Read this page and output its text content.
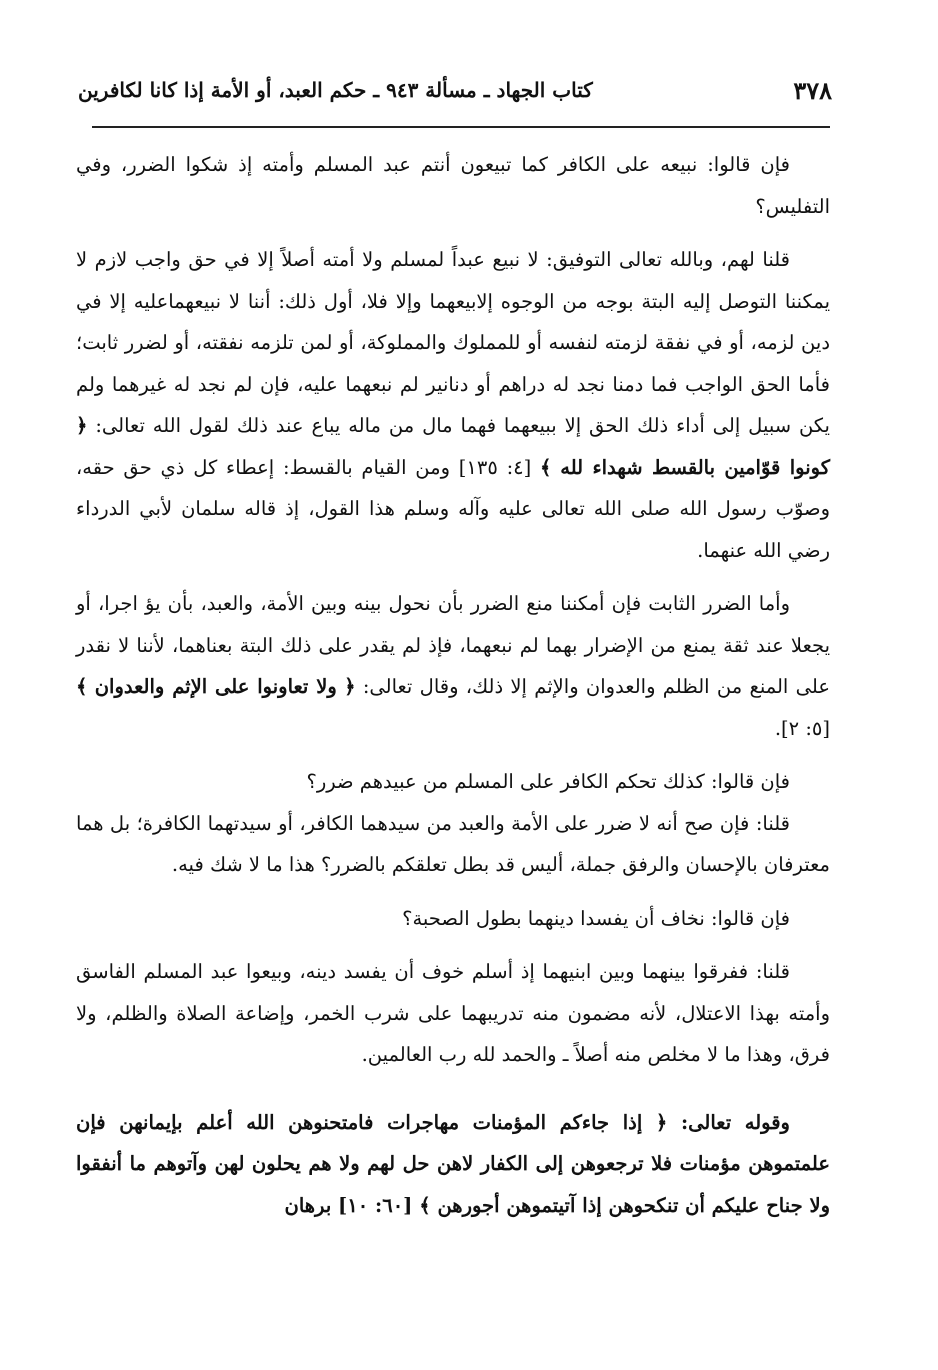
٣٧٨
كتاب الجهاد ـ مسألة ٩٤٣ ـ حكم العبد، أو الأمة إذا كانا لكافرين

فإن قالوا: نبيعه على الكافر كما تبيعون أنتم عبد المسلم وأمته إذ شكوا الضرر، وفي التفليس؟

قلنا لهم، وبالله تعالى التوفيق: لا نبيع عبداً لمسلم ولا أمته أصلاً إلا في حق واجب لازم لا يمكننا التوصل إليه البتة بوجه من الوجوه إلابيعهما وإلا فلا، أول ذلك: أننا لا نبيعهماعليه إلا في دين لزمه، أو في نفقة لزمته لنفسه أو للمملوك والمملوكة، أو لمن تلزمه نفقته، أو لضرر ثابت؛ فأما الحق الواجب فما دمنا نجد له دراهم أو دنانير لم نبعهما عليه، فإن لم نجد له غيرهما ولم يكن سبيل إلى أداء ذلك الحق إلا ببيعهما فهما مال من ماله يباع عند ذلك لقول الله تعالى: ﴿ كونوا قوّامين بالقسط شهداء لله ﴾ [٤: ١٣٥] ومن القيام بالقسط: إعطاء كل ذي حق حقه، وصوّب رسول الله صلى الله تعالى عليه وآله وسلم هذا القول، إذ قاله سلمان لأبي الدرداء رضي الله عنهما.

وأما الضرر الثابت فإن أمكننا منع الضرر بأن نحول بينه وبين الأمة، والعبد، بأن يؤ اجرا، أو يجعلا عند ثقة يمنع من الإضرار بهما لم نبعهما، فإذ لم يقدر على ذلك البتة بعناهما، لأننا لا نقدر على المنع من الظلم والعدوان والإثم إلا ذلك، وقال تعالى: ﴿ ولا تعاونوا على الإثم والعدوان ﴾ [٥: ٢].

فإن قالوا: كذلك تحكم الكافر على المسلم من عبيدهم ضرر؟

قلنا: فإن صح أنه لا ضرر على الأمة والعبد من سيدهما الكافر، أو سيدتهما الكافرة؛ بل هما معترفان بالإحسان والرفق جملة، أليس قد بطل تعلقكم بالضرر؟ هذا ما لا شك فيه.

فإن قالوا: نخاف أن يفسدا دينهما بطول الصحبة؟

قلنا: ففرقوا بينهما وبين ابنيهما إذ أسلم خوف أن يفسد دينه، وبيعوا عبد المسلم الفاسق وأمته بهذا الاعتلال، لأنه مضمون منه تدريبهما على شرب الخمر، وإضاعة الصلاة والظلم، ولا فرق، وهذا ما لا مخلص منه أصلاً ـ والحمد لله رب العالمين.

وقوله تعالى: ﴿ إذا جاءكم المؤمنات مهاجرات فامتحنوهن الله أعلم بإيمانهن فإن علمتموهن مؤمنات فلا ترجعوهن إلى الكفار لاهن حل لهم ولا هم يحلون لهن وآتوهم ما أنفقوا ولا جناح عليكم أن تنكحوهن إذا آتيتموهن أجورهن ﴾ [٦٠: ١٠] برهان
